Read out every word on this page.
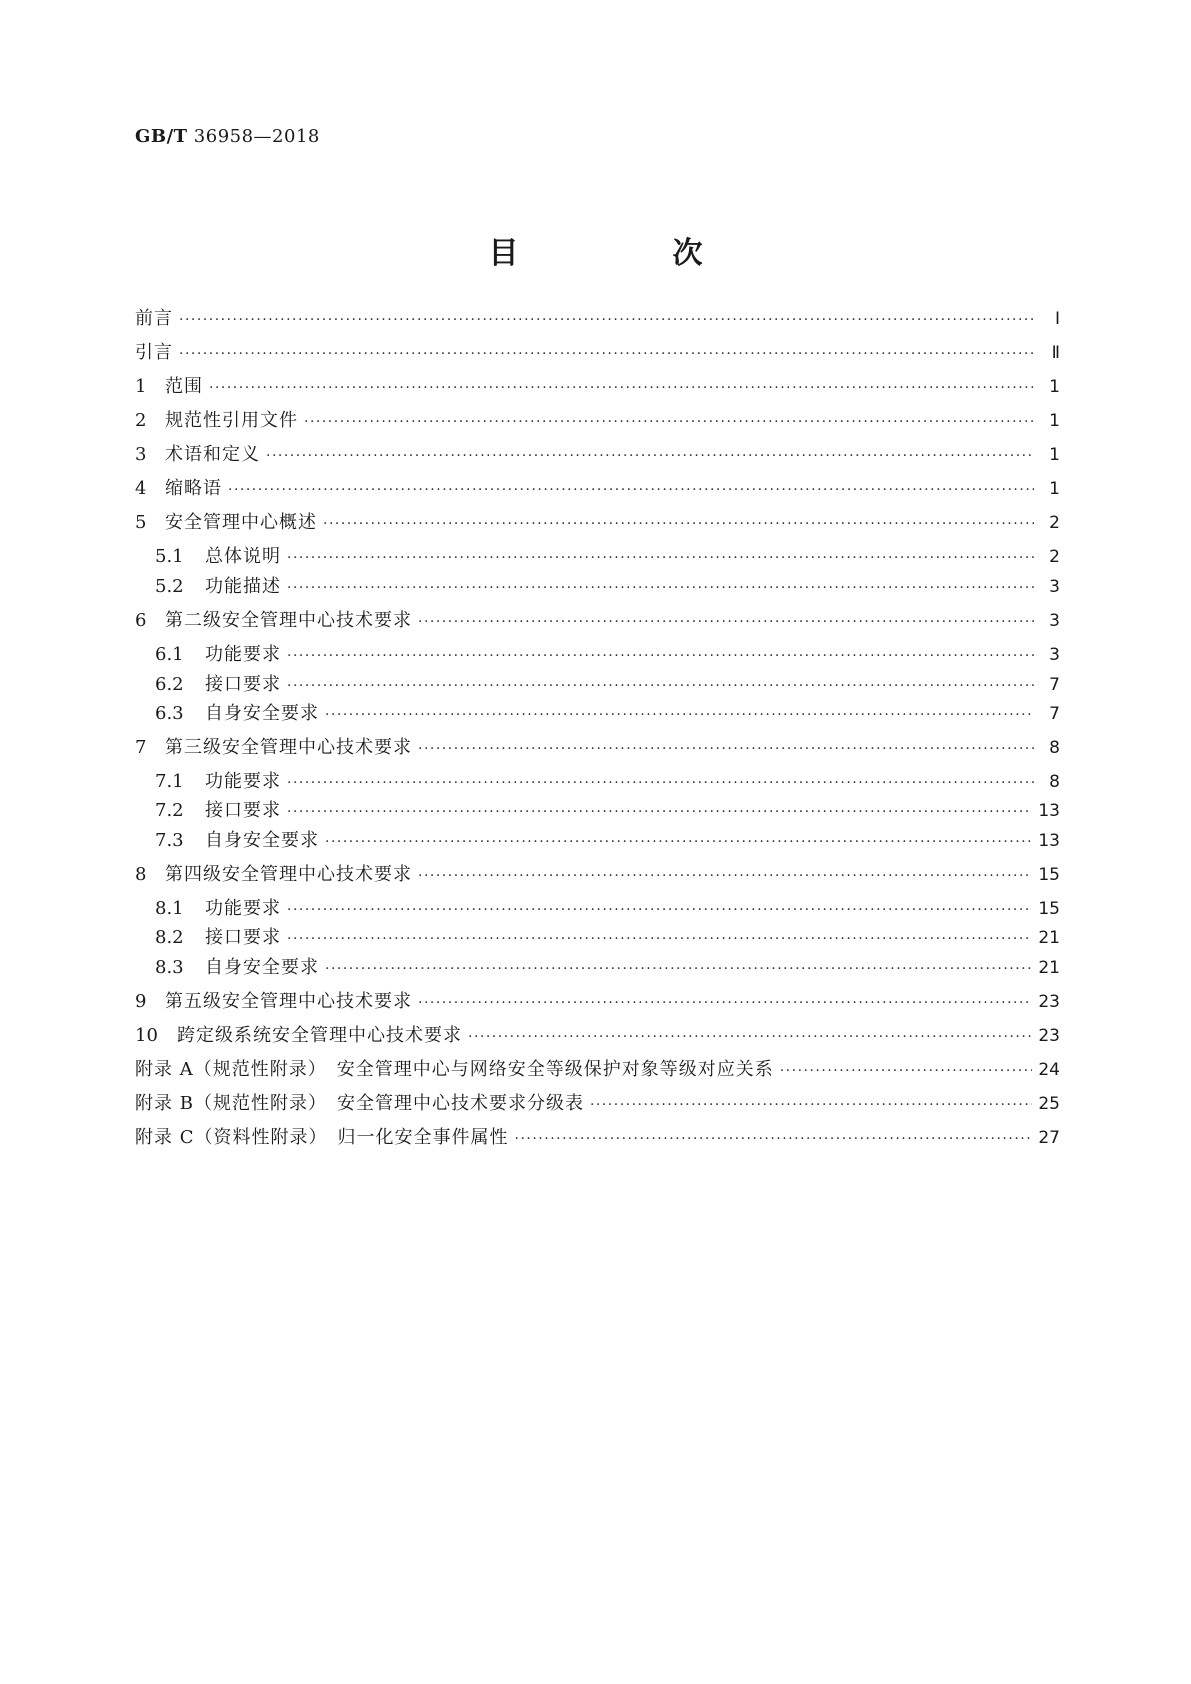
GB/T 36958—2018
目　次
前言 ·····	Ⅰ
引言 ·····	Ⅱ
1	范围 ·····	1
2	规范性引用文件 ·····	1
3	术语和定义 ·····	1
4	缩略语 ·····	1
5	安全管理中心概述 ·····	2
5.1	总体说明 ·····	2
5.2	功能描述 ·····	3
6	第二级安全管理中心技术要求 ·····	3
6.1	功能要求 ·····	3
6.2	接口要求 ·····	7
6.3	自身安全要求 ·····	7
7	第三级安全管理中心技术要求 ·····	8
7.1	功能要求 ·····	8
7.2	接口要求 ·····	13
7.3	自身安全要求 ·····	13
8	第四级安全管理中心技术要求 ·····	15
8.1	功能要求 ·····	15
8.2	接口要求 ·····	21
8.3	自身安全要求 ·····	21
9	第五级安全管理中心技术要求 ·····	23
10	跨定级系统安全管理中心技术要求 ·····	23
附录 A（规范性附录）　安全管理中心与网络安全等级保护对象等级对应关系 ·····	24
附录 B（规范性附录）　安全管理中心技术要求分级表 ·····	25
附录 C（资料性附录）　归一化安全事件属性 ·····	27
